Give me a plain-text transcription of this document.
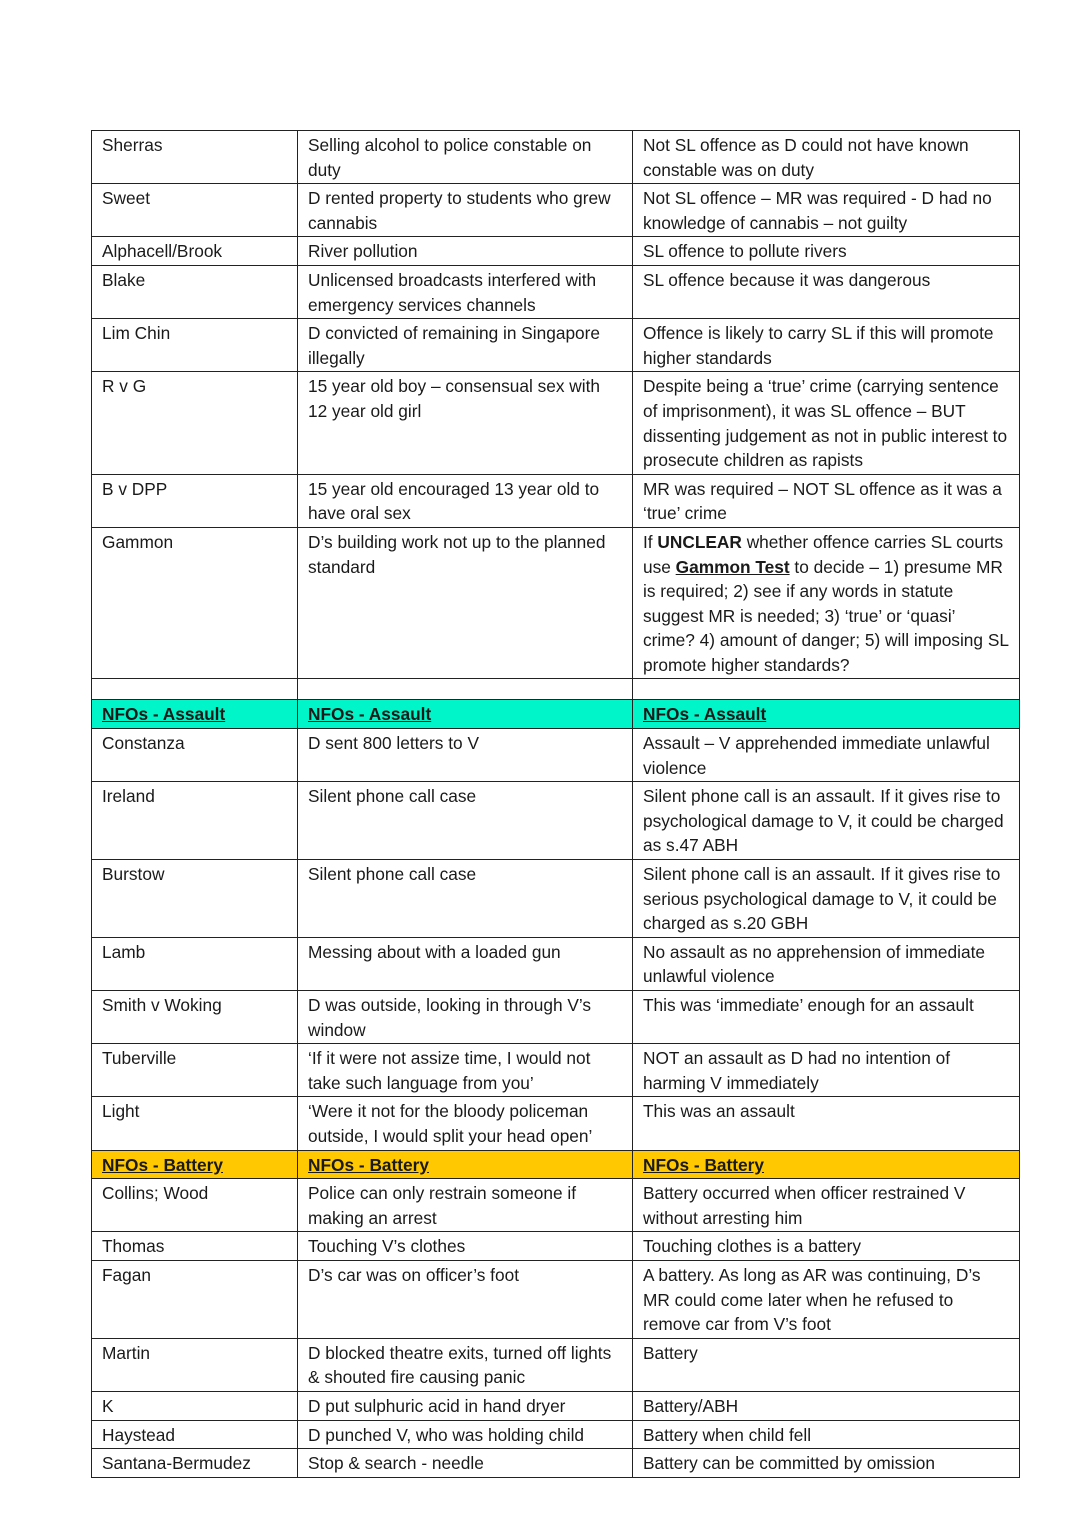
Sherras	Selling alcohol to police constable on duty	Not SL offence as D could not have known constable was on duty
Sweet	D rented property to students who grew cannabis	Not SL offence – MR was required - D had no knowledge of cannabis – not guilty
Alphacell/Brook	River pollution	SL offence to pollute rivers
Blake	Unlicensed broadcasts interfered with emergency services channels	SL offence because it was dangerous
Lim Chin	D convicted of remaining in Singapore illegally	Offence is likely to carry SL if this will promote higher standards
R v G	15 year old boy – consensual sex with 12 year old girl	Despite being a ‘true’ crime (carrying sentence of imprisonment), it was SL offence – BUT dissenting judgement as not in public interest to prosecute children as rapists
B v DPP	15 year old encouraged 13 year old to have oral sex	MR was required – NOT SL offence as it was a ‘true’ crime
Gammon	D’s building work not up to the planned standard	If UNCLEAR whether offence carries SL courts use Gammon Test to decide – 1) presume MR is required; 2) see if any words in statute suggest MR is needed; 3) ‘true’ or ‘quasi’ crime? 4) amount of danger; 5) will imposing SL promote higher standards?

NFOs - Assault	NFOs - Assault	NFOs - Assault
Constanza	D sent 800 letters to V	Assault – V apprehended immediate unlawful violence
Ireland	Silent phone call case	Silent phone call is an assault. If it gives rise to psychological damage to V, it could be charged as s.47 ABH
Burstow	Silent phone call case	Silent phone call is an assault. If it gives rise to serious psychological damage to V, it could be charged as s.20 GBH
Lamb	Messing about with a loaded gun	No assault as no apprehension of immediate unlawful violence
Smith v Woking	D was outside, looking in through V’s window	This was ‘immediate’ enough for an assault
Tuberville	‘If it were not assize time, I would not take such language from you’	NOT an assault as D had no intention of harming V immediately
Light	‘Were it not for the bloody policeman outside, I would split your head open’	This was an assault
NFOs - Battery	NFOs - Battery	NFOs - Battery
Collins; Wood	Police can only restrain someone if making an arrest	Battery occurred when officer restrained V without arresting him
Thomas	Touching V’s clothes	Touching clothes is a battery
Fagan	D’s car was on officer’s foot	A battery. As long as AR was continuing, D’s MR could come later when he refused to remove car from V’s foot
Martin	D blocked theatre exits, turned off lights & shouted fire causing panic	Battery
K	D put sulphuric acid in hand dryer	Battery/ABH
Haystead	D punched V, who was holding child	Battery when child fell
Santana-Bermudez	Stop & search - needle	Battery can be committed by omission
